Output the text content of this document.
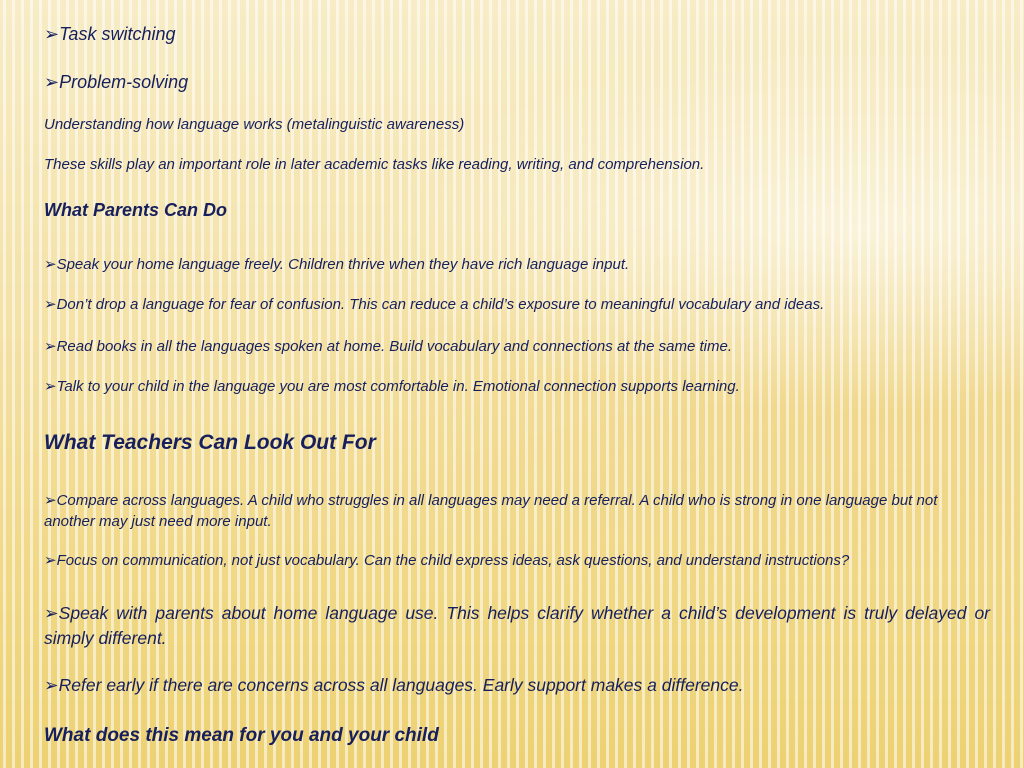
➢Task switching
➢Problem-solving
Understanding how language works (metalinguistic awareness)
These skills play an important role in later academic tasks like reading, writing, and comprehension.
What Parents Can Do
➢Speak your home language freely. Children thrive when they have rich language input.
➢Don’t drop a language for fear of confusion. This can reduce a child’s exposure to meaningful vocabulary and ideas.
➢Read books in all the languages spoken at home. Build vocabulary and connections at the same time.
➢Talk to your child in the language you are most comfortable in. Emotional connection supports learning.
What Teachers Can Look Out For
➢Compare across languages. A child who struggles in all languages may need a referral. A child who is strong in one language but not another may just need more input.
➢Focus on communication, not just vocabulary. Can the child express ideas, ask questions, and understand instructions?
➢Speak with parents about home language use. This helps clarify whether a child’s development is truly delayed or simply different.
➢Refer early if there are concerns across all languages. Early support makes a difference.
What does this mean for you and your child
